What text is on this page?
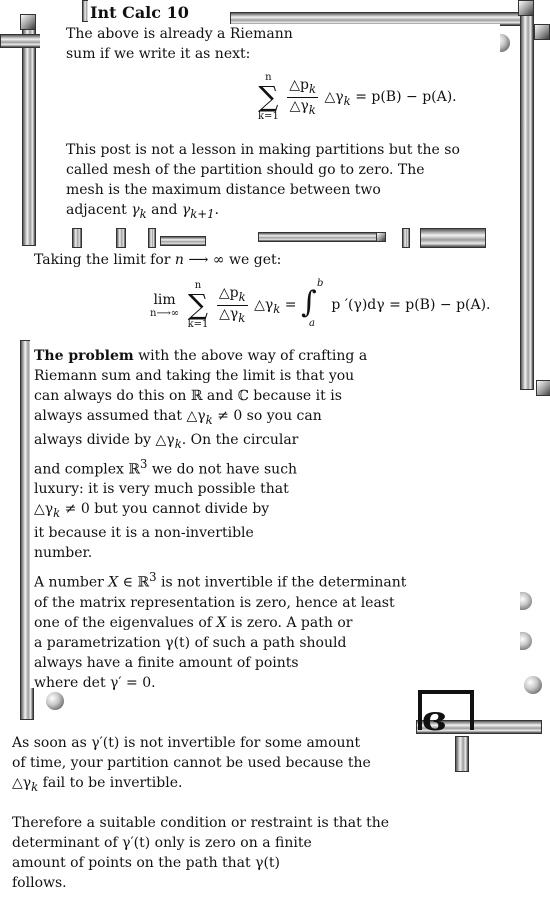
ɞ
Int Calc 10

The above is already a Riemann

sum if we write it as next:

n
∑
k=1
$\frac{\triangle p_k}{\triangle\gamma_k}$ $\triangle\gamma_k = p(B) - p(A)$.

This post is not a lesson in making partitions but the so

called mesh of the partition should go to zero. The

mesh is the maximum distance between two

adjacent $\gamma_k$ and $\gamma_{k+1}$.

Taking the limit for n ⟶ ∞ we get:
lim
n⟶∞

n
∑
k=1
$\frac{\triangle p_k}{\triangle\gamma_k}$ $\triangle\gamma_k$ = ∫
b
a
p ′(γ)dγ = p(B) − p(A).

The problem with the above way of crafting a

Riemann sum and taking the limit is that you

can always do this on ℝ and ℂ because it is

always assumed that $\triangle\gamma_k \ne 0$ so you can

always divide by $\triangle\gamma_k$. On the circular

and complex ℝ$^3$ we do not have such

luxury: it is very much possible that

$\triangle\gamma_k \ne 0$ but you cannot divide by

it because it is a non-invertible

number.

A number X ∈ ℝ$^3$ is not invertible if the determinant

of the matrix representation is zero, hence at least

one of the eigenvalues of X is zero. A path or

a parametrization γ(t) of such a path should

always have a finite amount of points

where det γ′ = 0.

As soon as γ′(t) is not invertible for some amount

of time, your partition cannot be used because the

$\triangle\gamma_k$ fail to be invertible.

Therefore a suitable condition or restraint is that the

determinant of γ′(t) only is zero on a finite

amount of points on the path that γ(t)

follows.
